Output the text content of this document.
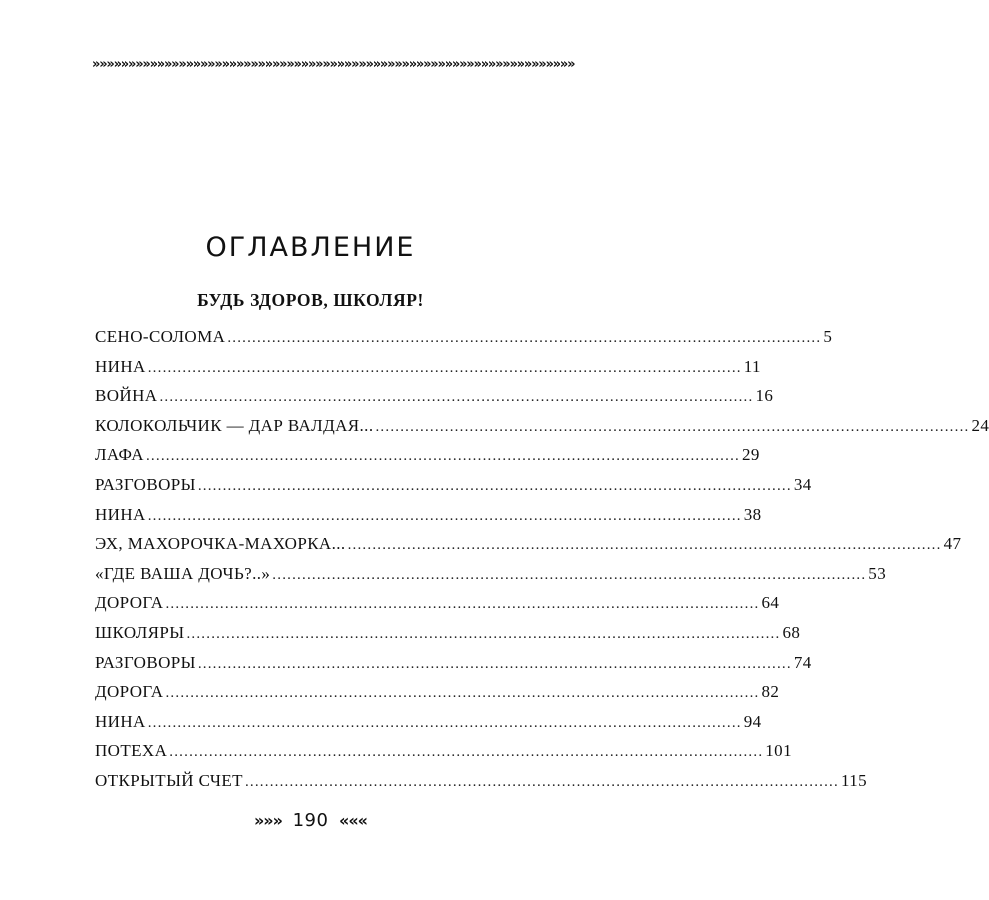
»»»»»»»»»»»»»»»»»»»»»»»»»»»»»»»»»»»»»»»»»»»»»»»»»»»»»»»»»»»»»»»»»»»
ОГЛАВЛЕНИЕ
БУДЬ ЗДОРОВ, ШКОЛЯР!
СЕНО-СОЛОМА ........................................................................................................................ 5
НИНА ........................................................................................................................ 11
ВОЙНА ........................................................................................................................ 16
КОЛОКОЛЬЧИК — ДАР ВАЛДАЯ... ........................................................................................................................ 24
ЛАФА ........................................................................................................................ 29
РАЗГОВОРЫ ........................................................................................................................ 34
НИНА ........................................................................................................................ 38
ЭХ, МАХОРОЧКА-МАХОРКА... ........................................................................................................................ 47
«ГДЕ ВАША ДОЧЬ?..» ........................................................................................................................ 53
ДОРОГА ........................................................................................................................ 64
ШКОЛЯРЫ ........................................................................................................................ 68
РАЗГОВОРЫ ........................................................................................................................ 74
ДОРОГА ........................................................................................................................ 82
НИНА ........................................................................................................................ 94
ПОТЕХА ........................................................................................................................ 101
ОТКРЫТЫЙ СЧЕТ ........................................................................................................................ 115
»»» 190 «««
